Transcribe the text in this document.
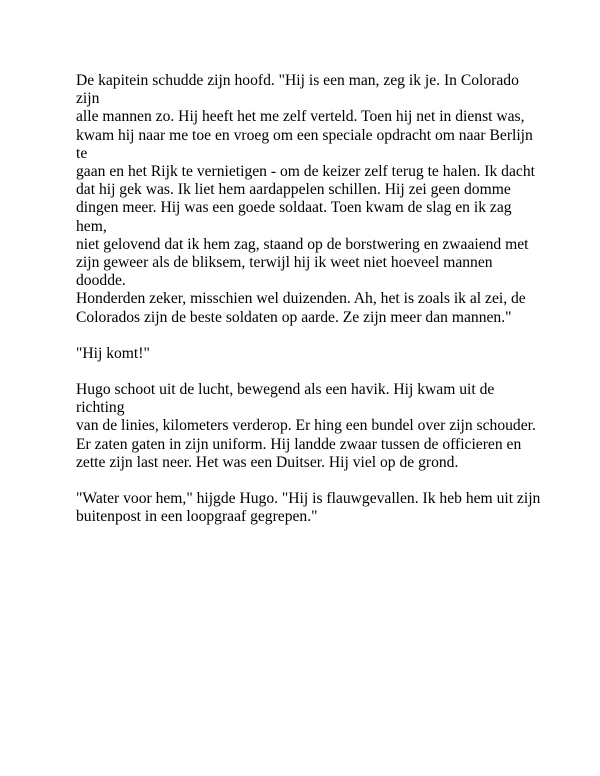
De kapitein schudde zijn hoofd. "Hij is een man, zeg ik je. In Colorado zijn
alle mannen zo. Hij heeft het me zelf verteld. Toen hij net in dienst was,
kwam hij naar me toe en vroeg om een speciale opdracht om naar Berlijn te
gaan en het Rijk te vernietigen - om de keizer zelf terug te halen. Ik dacht
dat hij gek was. Ik liet hem aardappelen schillen. Hij zei geen domme
dingen meer. Hij was een goede soldaat. Toen kwam de slag en ik zag hem,
niet gelovend dat ik hem zag, staand op de borstwering en zwaaiend met
zijn geweer als de bliksem, terwijl hij ik weet niet hoeveel mannen doodde.
Honderden zeker, misschien wel duizenden. Ah, het is zoals ik al zei, de
Colorados zijn de beste soldaten op aarde. Ze zijn meer dan mannen."

"Hij komt!"

Hugo schoot uit de lucht, bewegend als een havik. Hij kwam uit de richting
van de linies, kilometers verderop. Er hing een bundel over zijn schouder.
Er zaten gaten in zijn uniform. Hij landde zwaar tussen de officieren en
zette zijn last neer. Het was een Duitser. Hij viel op de grond.

"Water voor hem," hijgde Hugo. "Hij is flauwgevallen. Ik heb hem uit zijn
buitenpost in een loopgraaf gegrepen."
